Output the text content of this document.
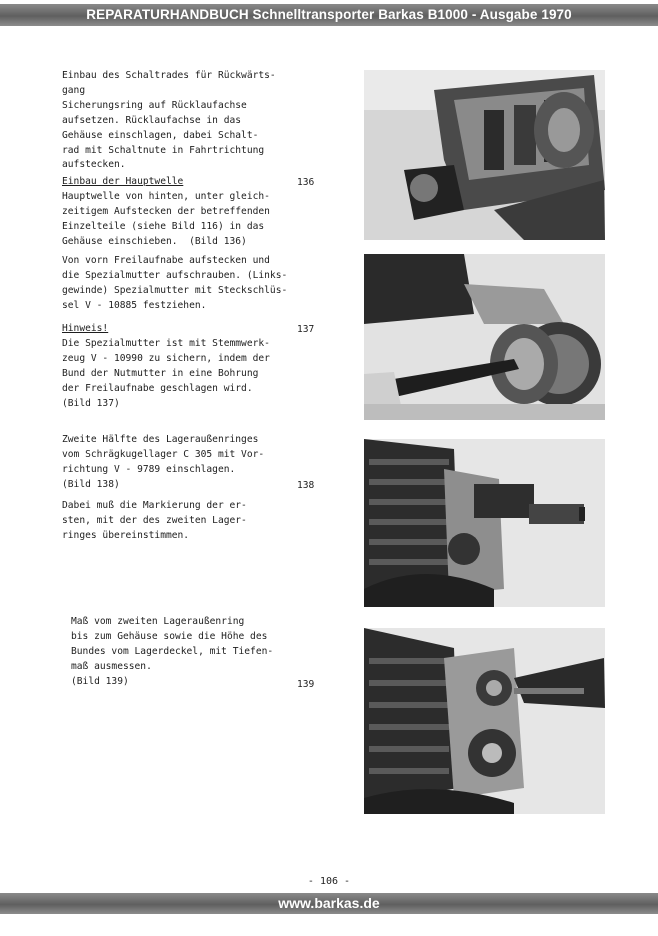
REPARATURHANDBUCH Schnelltransporter Barkas B1000 - Ausgabe 1970
Einbau des Schaltrades für Rückwärts-
gang
Sicherungsring auf Rücklaufachse
aufsetzen. Rücklaufachse in das
Gehäuse einschlagen, dabei Schalt-
rad mit Schaltnute in Fahrtrichtung
aufstecken.
Einbau der Hauptwelle
Hauptwelle von hinten, unter gleich-
zeitigem Aufstecken der betreffenden
Einzelteile (siehe Bild 116) in das
Gehäuse einschieben.  (Bild 136)
136
Von vorn Freilaufnabe aufstecken und
die Spezialmutter aufschrauben. (Links-
gewinde) Spezialmutter mit Steckschlüs-
sel V - 10885 festziehen.
Hinweis!
Die Spezialmutter ist mit Stemmwerk-
zeug V - 10990 zu sichern, indem der
Bund der Nutmutter in eine Bohrung
der Freilaufnabe geschlagen wird.
(Bild 137)
137
Zweite Hälfte des Lageraußenringes
vom Schrägkugellager C 305 mit Vor-
richtung V - 9789 einschlagen.
(Bild 138)	138
Dabei muß die Markierung der er-
sten, mit der des zweiten Lager-
ringes übereinstimmen.
Maß vom zweiten Lageraußenring
bis zum Gehäuse sowie die Höhe des
Bundes vom Lagerdeckel, mit Tiefen-
maß ausmessen.
(Bild 139)	139
- 106 -
www.barkas.de
